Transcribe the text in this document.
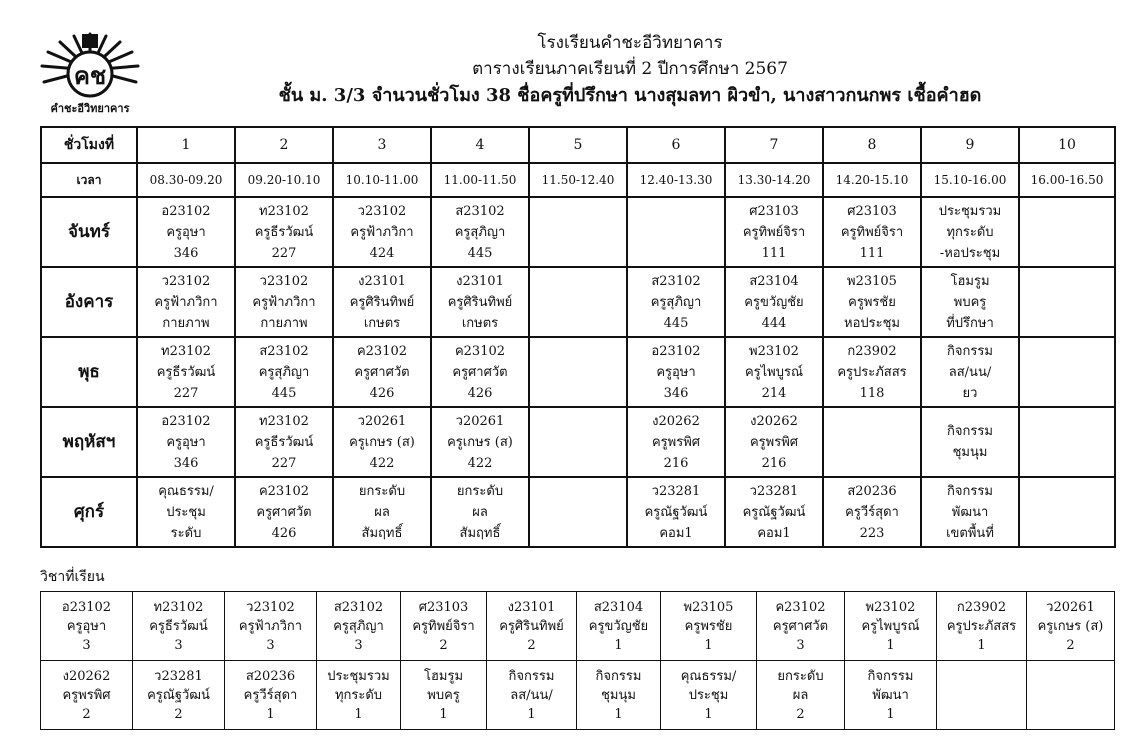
คช
คำชะอีวิทยาคาร
โรงเรียนคำชะอีวิทยาคาร
ตารางเรียนภาคเรียนที่ 2 ปีการศึกษา 2567
ชั้น ม. 3/3 จำนวนชั่วโมง 38 ชื่อครูที่ปรึกษา นางสุมลทา ผิวขำ, นางสาวกนกพร เชื้อคำฮด
ชั่วโมงที่	1	2	3	4	5	6	7	8	9	10
เวลา	08.30-09.20	09.20-10.10	10.10-11.00	11.00-11.50	11.50-12.40	12.40-13.30	13.30-14.20	14.20-15.10	15.10-16.00	16.00-16.50
จันทร์	อ23102
ครูอุษา
346	ท23102
ครูธีรวัฒน์
227	ว23102
ครูฟ้าภวิกา
424	ส23102
ครูสุภิญา
445			ศ23103
ครูทิพย์จิรา
111	ศ23103
ครูทิพย์จิรา
111	ประชุมรวม
ทุกระดับ
-หอประชุม	

อังคาร	ว23102
ครูฟ้าภวิกา
กายภาพ	ว23102
ครูฟ้าภวิกา
กายภาพ	ง23101
ครูศิรินทิพย์
เกษตร	ง23101
ครูศิรินทิพย์
เกษตร		ส23102
ครูสุภิญา
445	ส23104
ครูขวัญชัย
444	พ23105
ครูพรชัย
หอประชุม	โฮมรูม
พบครู
ที่ปรึกษา	

พุธ	ท23102
ครูธีรวัฒน์
227	ส23102
ครูสุภิญา
445	ค23102
ครูศาศวัต
426	ค23102
ครูศาศวัต
426		อ23102
ครูอุษา
346	พ23102
ครูไพบูรณ์
214	ก23902
ครูประภัสสร
118	กิจกรรม
ลส/นน/
ยว	

พฤหัสฯ	อ23102
ครูอุษา
346	ท23102
ครูธีรวัฒน์
227	ว20261
ครูเกษร (ส)
422	ว20261
ครูเกษร (ส)
422		ง20262
ครูพรพิศ
216	ง20262
ครูพรพิศ
216		กิจกรรม
ชุมนุม	

ศุกร์	คุณธรรม/
ประชุม
ระดับ	ค23102
ครูศาศวัต
426	ยกระดับ
ผล
สัมฤทธิ์	ยกระดับ
ผล
สัมฤทธิ์		ว23281
ครูณัฐวัฒน์
คอม1	ว23281
ครูณัฐวัฒน์
คอม1	ส20236
ครูวีร์สุดา
223	กิจกรรม
พัฒนา
เขตพื้นที่	

วิชาที่เรียน
อ23102
ครูอุษา
3	ท23102
ครูธีรวัฒน์
3	ว23102
ครูฟ้าภวิกา
3	ส23102
ครูสุภิญา
3	ศ23103
ครูทิพย์จิรา
2	ง23101
ครูศิรินทิพย์
2	ส23104
ครูขวัญชัย
1	พ23105
ครูพรชัย
1	ค23102
ครูศาศวัต
3	พ23102
ครูไพบูรณ์
1	ก23902
ครูประภัสสร
1	ว20261
ครูเกษร (ส)
2

ง20262
ครูพรพิศ
2	ว23281
ครูณัฐวัฒน์
2	ส20236
ครูวีร์สุดา
1	ประชุมรวม
ทุกระดับ
1	โฮมรูม
พบครู
1	กิจกรรม
ลส/นน/
1	กิจกรรม
ชุมนุม
1	คุณธรรม/
ประชุม
1	ยกระดับ
ผล
2	กิจกรรม
พัฒนา
1		
